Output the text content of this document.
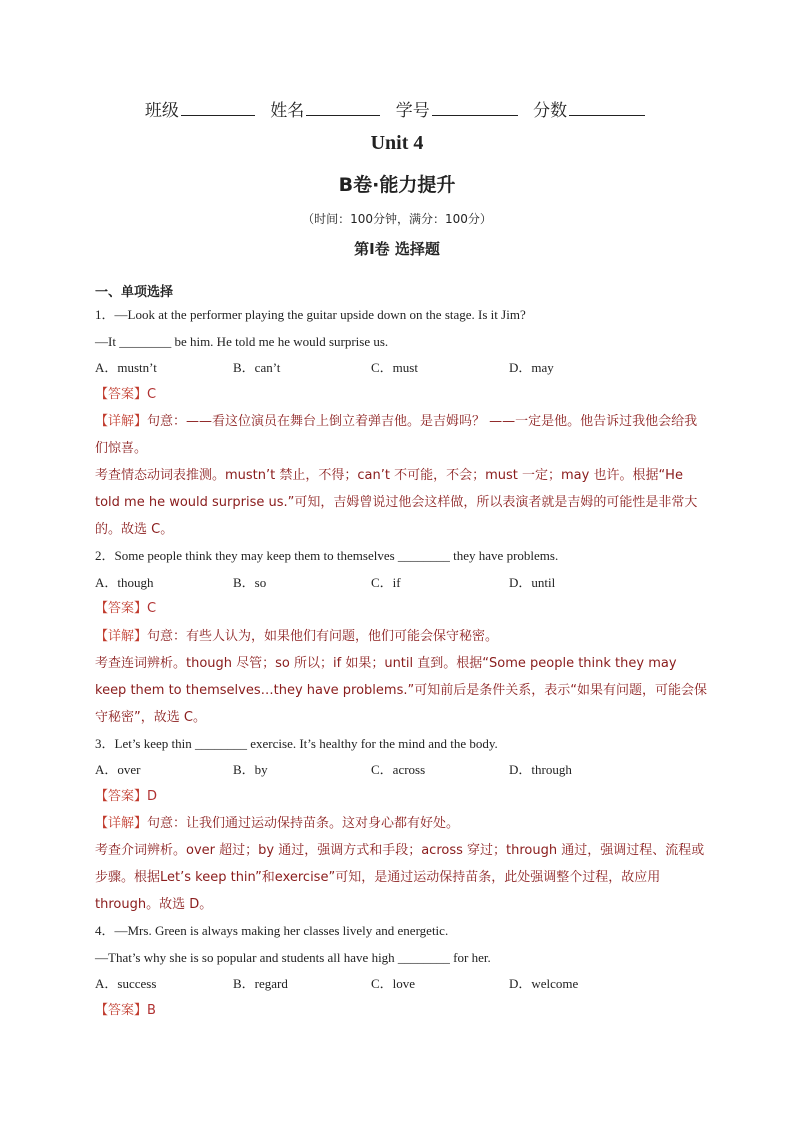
班级	姓名	学号	分数
Unit 4
B卷·能力提升
（时间：100分钟，满分：100分）
第Ⅰ卷 选择题
一、单项选择
1．—Look at the performer playing the guitar upside down on the stage. Is it Jim?
—It ________ be him. He told me he would surprise us.
A．mustn’t	B．can’t	C．must	D．may
【答案】C
【详解】句意：——看这位演员在舞台上倒立着弹吉他。是吉姆吗？ ——一定是他。他告诉过我他会给我们惊喜。
考查情态动词表推测。mustn’t 禁止，不得；can’t 不可能，不会；must 一定；may 也许。根据“He told me he would surprise us.”可知，吉姆曾说过他会这样做，所以表演者就是吉姆的可能性是非常大的。故选 C。
2．Some people think they may keep them to themselves ________ they have problems.
A．though	B．so	C．if	D．until
【答案】C
【详解】句意：有些人认为，如果他们有问题，他们可能会保守秘密。
考查连词辨析。though 尽管；so 所以；if 如果；until 直到。根据“Some people think they may keep them to themselves…they have problems.”可知前后是条件关系，表示“如果有问题，可能会保守秘密”，故选 C。
3．Let’s keep thin ________ exercise. It’s healthy for the mind and the body.
A．over	B．by	C．across	D．through
【答案】D
【详解】句意：让我们通过运动保持苗条。这对身心都有好处。
考查介词辨析。over 超过；by 通过，强调方式和手段；across 穿过；through 通过，强调过程、流程或步骤。根据Let’s keep thin”和exercise”可知，是通过运动保持苗条，此处强调整个过程，故应用through。故选 D。
4．—Mrs. Green is always making her classes lively and energetic.
—That’s why she is so popular and students all have high ________ for her.
A．success	B．regard	C．love	D．welcome
【答案】B
